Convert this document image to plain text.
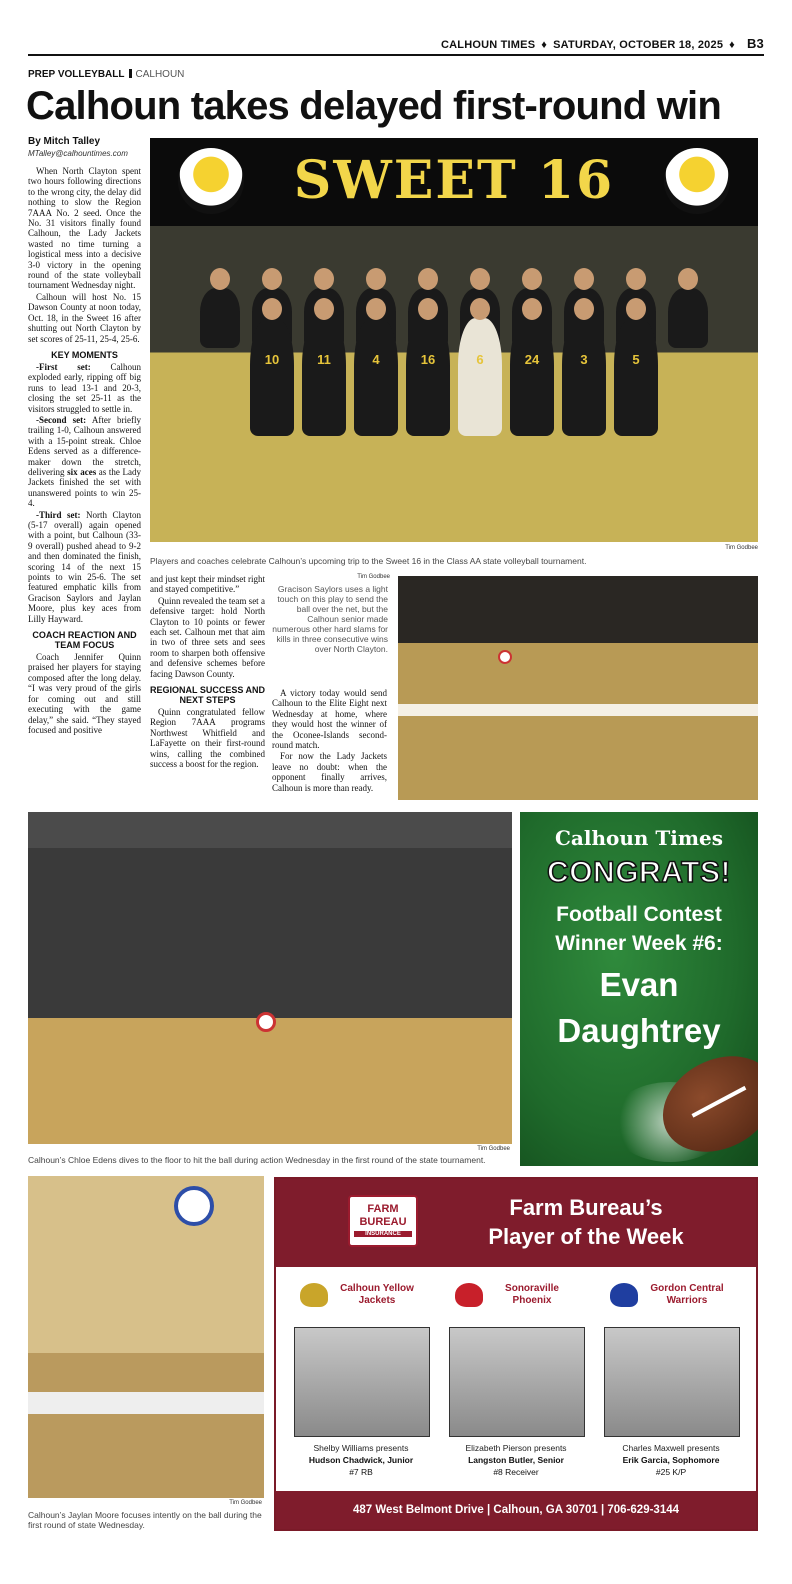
CALHOUN TIMES ♦ SATURDAY, OCTOBER 18, 2025 ♦ B3
PREP VOLLEYBALL CALHOUN
Calhoun takes delayed first-round win
By Mitch Talley
MTalley@calhountimes.com

When North Clayton spent two hours following directions to the wrong city, the delay did nothing to slow the Region 7AAA No. 2 seed. Once the No. 31 visitors finally found Calhoun, the Lady Jackets wasted no time turning a logistical mess into a decisive 3-0 victory in the opening round of the state volleyball tournament Wednesday night.

Calhoun will host No. 15 Dawson County at noon today, Oct. 18, in the Sweet 16 after shutting out North Clayton by set scores of 25-11, 25-4, 25-6.

KEY MOMENTS

-First set: Calhoun exploded early, ripping off big runs to lead 13-1 and 20-3, closing the set 25-11 as the visitors struggled to settle in.

-Second set: After briefly trailing 1-0, Calhoun answered with a 15-point streak. Chloe Edens served as a difference-maker down the stretch, delivering six aces as the Lady Jackets finished the set with unanswered points to win 25-4.

-Third set: North Clayton (5-17 overall) again opened with a point, but Calhoun (33-9 overall) pushed ahead to 9-2 and then dominated the finish, scoring 14 of the next 15 points to win 25-6. The set featured emphatic kills from Gracison Saylors and Jaylan Moore, plus key aces from Lilly Hayward.

COACH REACTION AND TEAM FOCUS

Coach Jennifer Quinn praised her players for staying composed after the long delay. “I was very proud of the girls for coming out and still executing with the game delay,” she said. “They stayed focused and positive

and just kept their mindset right and stayed competitive.”

Quinn revealed the team set a defensive target: hold North Clayton to 10 points or fewer each set. Calhoun met that aim in two of three sets and sees room to sharpen both offensive and defensive schemes before facing Dawson County.

REGIONAL SUCCESS AND NEXT STEPS

Quinn congratulated fellow Region 7AAA programs Northwest Whitfield and LaFayette on their first-round wins, calling the combined success a boost for the region.

Tim Godbee
Gracison Saylors uses a light touch on this play to send the ball over the net, but the Calhoun senior made numerous other hard slams for kills in three consecutive wins over North Clayton.

A victory today would send Calhoun to the Elite Eight next Wednesday at home, where they would host the winner of the Oconee-Islands second-round match.

For now the Lady Jackets leave no doubt: when the opponent finally arrives, Calhoun is more than ready.

SWEET 16
10	11	4	16	6	24	3	5
Tim Godbee
Players and coaches celebrate Calhoun’s upcoming trip to the Sweet 16 in the Class AA state volleyball tournament.
Tim Godbee
Calhoun’s Chloe Edens dives to the floor to hit the ball during action Wednesday in the first round of the state tournament.
Calhoun Times
CONGRATS!
Football Contest
Winner Week #6:
Evan
Daughtrey
Tim Godbee
Calhoun’s Jaylan Moore focuses intently on the ball during the first round of state Wednesday.
FARM
BUREAU
INSURANCE
Farm Bureau’s
Player of the Week
Calhoun Yellow Jackets
Shelby Williams presents
Hudson Chadwick, Junior
#7 RB
Sonoraville Phoenix
Elizabeth Pierson presents
Langston Butler, Senior
#8 Receiver
Gordon Central Warriors
Charles Maxwell presents
Erik Garcia, Sophomore
#25 K/P
487 West Belmont Drive | Calhoun, GA 30701 | 706-629-3144
